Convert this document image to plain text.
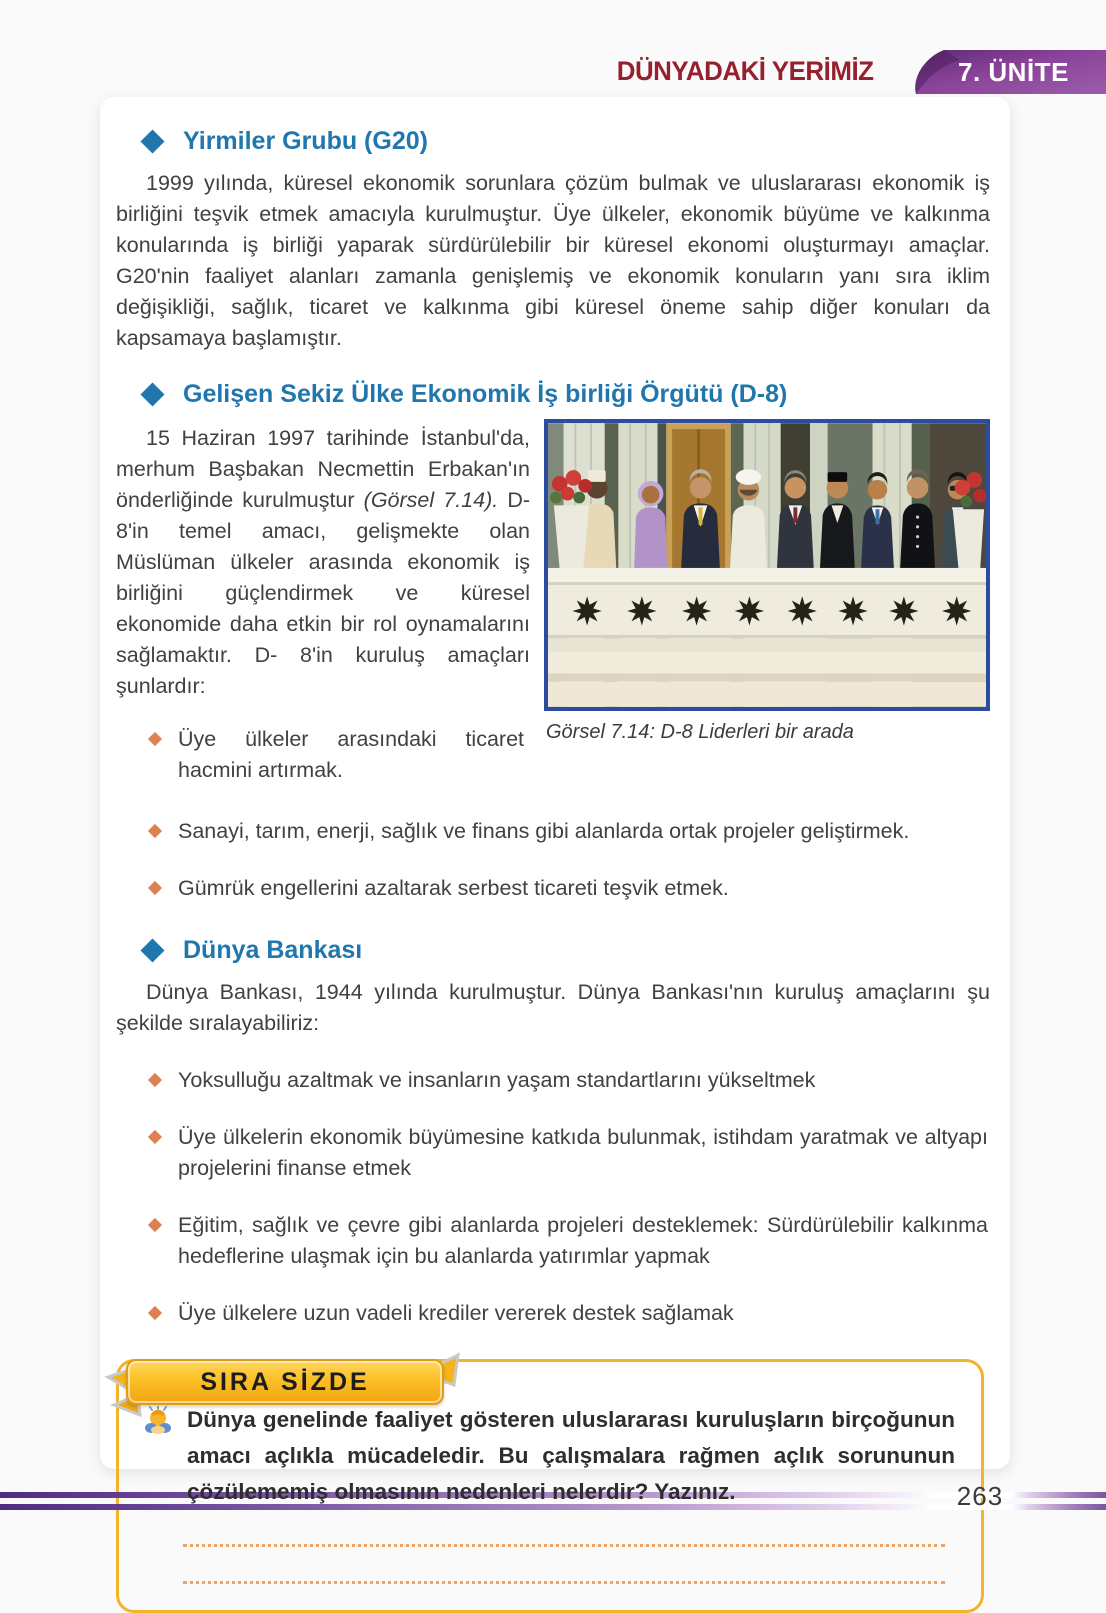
DÜNYADAKİ YERİMİZ	7. ÜNİTE
Yirmiler Grubu (G20)

1999 yılında, küresel ekonomik sorunlara çözüm bulmak ve uluslararası ekonomik iş birliğini teşvik etmek amacıyla kurulmuştur. Üye ülkeler, ekonomik büyüme ve kalkınma konularında iş birliği yaparak sürdürülebilir bir küresel ekonomi oluşturmayı amaçlar. G20'nin faaliyet alanları zamanla genişlemiş ve ekonomik konuların yanı sıra iklim değişikliği, sağlık, ticaret ve kalkınma gibi küresel öneme sahip diğer konuları da kapsamaya başlamıştır.

Gelişen Sekiz Ülke Ekonomik İş birliği Örgütü (D-8)

15 Haziran 1997 tarihinde İstanbul'da, merhum Başbakan Necmettin Erbakan'ın önderliğinde kurulmuştur (Görsel 7.14). D-8'in temel amacı, gelişmekte olan Müslüman ülkeler arasında ekonomik iş birliğini güçlendirmek ve küresel ekonomide daha etkin bir rol oynamalarını sağlamaktır. D- 8'in kuruluş amaçları şunlardır:

Üye ülkeler arasındaki ticaret hacmini artırmak.
Görsel 7.14: D-8 Liderleri bir arada
Sanayi, tarım, enerji, sağlık ve finans gibi alanlarda ortak projeler geliştirmek.
Gümrük engellerini azaltarak serbest ticareti teşvik etmek.
Dünya Bankası

Dünya Bankası, 1944 yılında kurulmuştur. Dünya Bankası'nın kuruluş amaçlarını şu şekilde sıralayabiliriz:

Yoksulluğu azaltmak ve insanların yaşam standartlarını yükseltmek
Üye ülkelerin ekonomik büyümesine katkıda bulunmak, istihdam yaratmak ve altyapı projelerini finanse etmek
Eğitim, sağlık ve çevre gibi alanlarda projeleri desteklemek: Sürdürülebilir kalkınma hedeflerine ulaşmak için bu alanlarda yatırımlar yapmak
Üye ülkelere uzun vadeli krediler vererek destek sağlamak
SIRA SİZDE
Dünya genelinde faaliyet gösteren uluslararası kuruluşların birçoğunun amacı açlıkla mücadeledir. Bu çalışmalara rağmen açlık sorununun çözülememiş olmasının nedenleri nelerdir? Yazınız.	263
